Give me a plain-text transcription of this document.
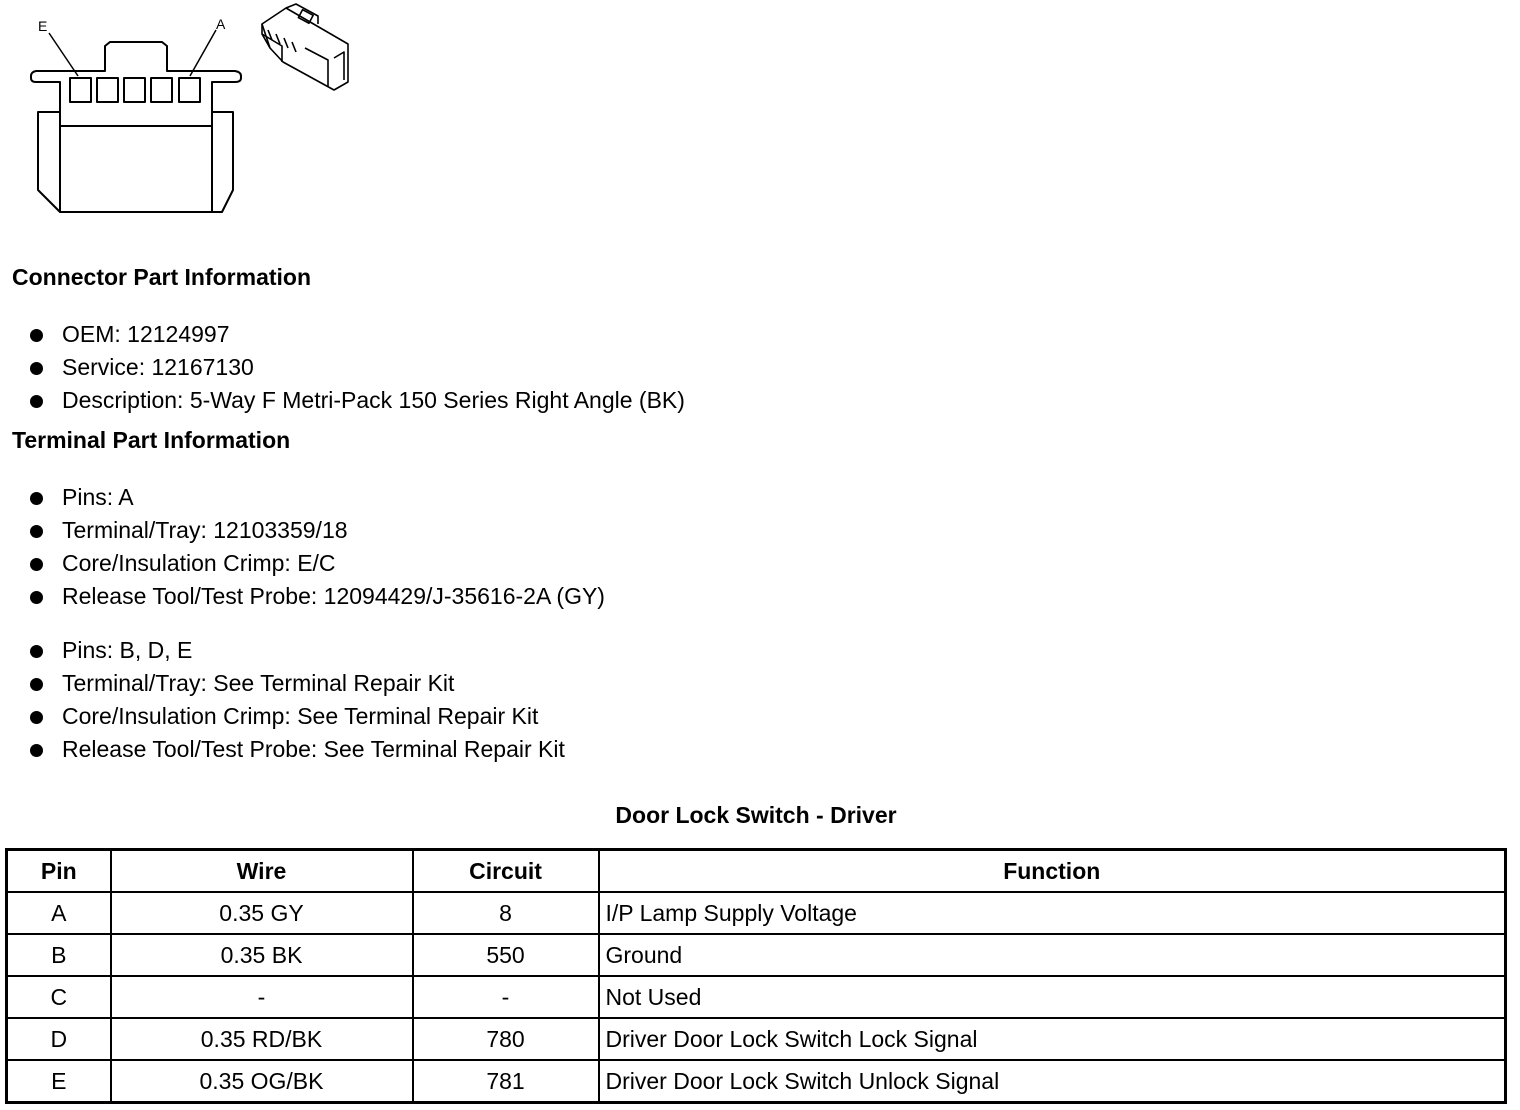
E	A
Connector Part Information
OEM: 12124997
Service: 12167130
Description: 5-Way F Metri-Pack 150 Series Right Angle (BK)
Terminal Part Information
Pins: A
Terminal/Tray: 12103359/18
Core/Insulation Crimp: E/C
Release Tool/Test Probe: 12094429/J-35616-2A (GY)
Pins: B, D, E
Terminal/Tray: See Terminal Repair Kit
Core/Insulation Crimp: See Terminal Repair Kit
Release Tool/Test Probe: See Terminal Repair Kit
Door Lock Switch - Driver
Pin	Wire	Circuit	Function
A	0.35 GY	8	I/P Lamp Supply Voltage
B	0.35 BK	550	Ground
C	-	-	Not Used
D	0.35 RD/BK	780	Driver Door Lock Switch Lock Signal
E	0.35 OG/BK	781	Driver Door Lock Switch Unlock Signal
